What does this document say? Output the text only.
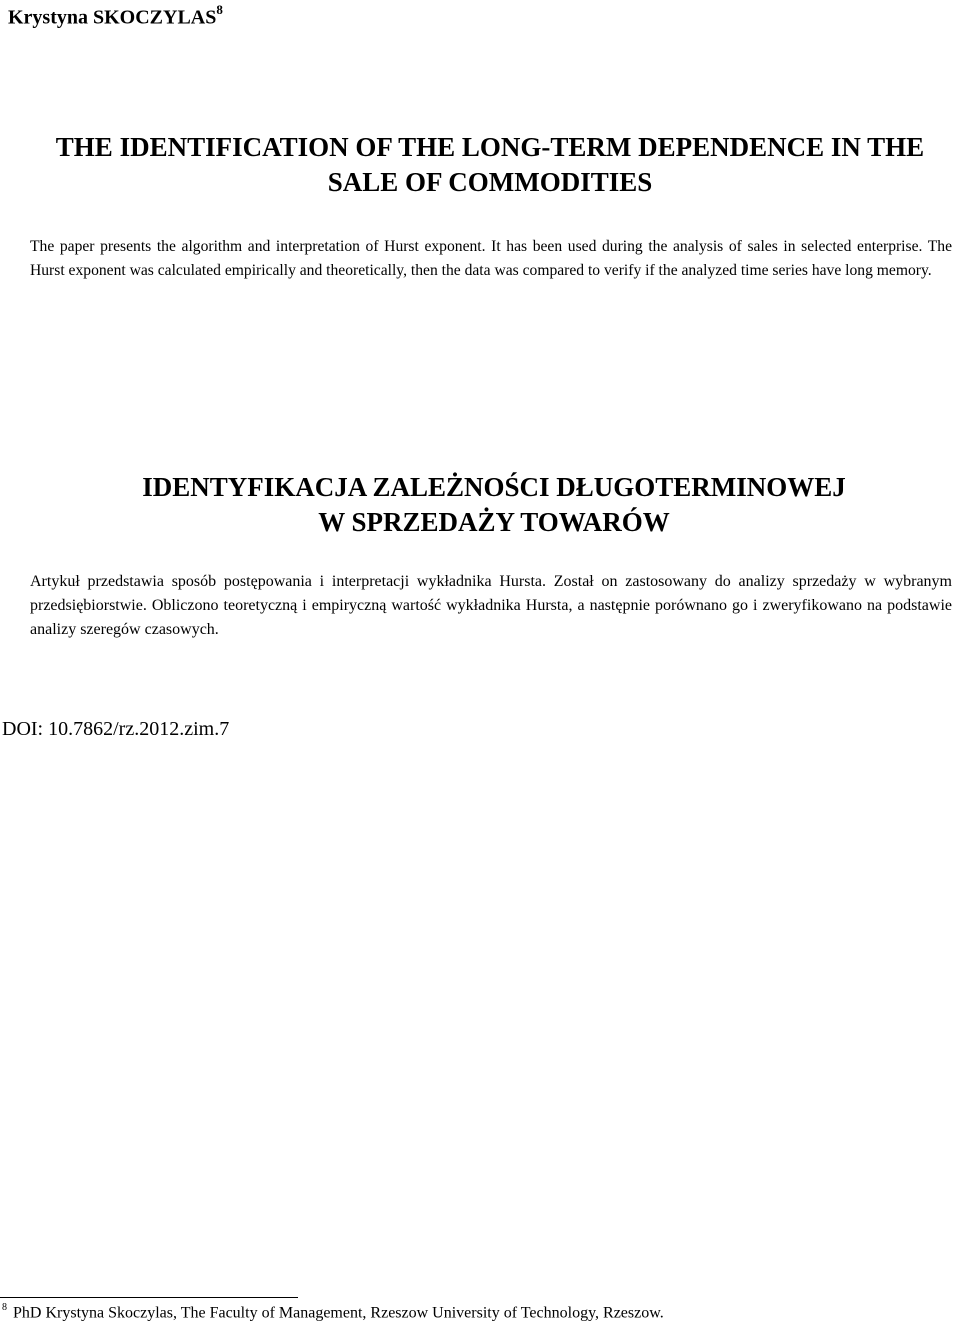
Krystyna SKOCZYLAS$^8$
THE IDENTIFICATION OF THE LONG-TERM DEPENDENCE IN THE
SALE OF COMMODITIES

The paper presents the algorithm and interpretation of Hurst exponent. It has been used during the analysis of sales in selected enterprise. The Hurst exponent was calculated empirically and theoretically, then the data was compared to verify if the analyzed time series have long memory.

IDENTYFIKACJA ZALEŻNOŚCI DŁUGOTERMINOWEJ
W SPRZEDAŻY TOWARÓW

Artykuł przedstawia sposób postępowania i interpretacji wykładnika Hursta. Został on zastosowany do analizy sprzedaży w wybranym przedsiębiorstwie. Obliczono teoretyczną i empiryczną wartość wykładnika Hursta, a następnie porównano go i zweryfikowano na podstawie analizy szeregów czasowych.

DOI: 10.7862/rz.2012.zim.7

$^8$ PhD Krystyna Skoczylas, The Faculty of Management, Rzeszow University of Technology, Rzeszow.
